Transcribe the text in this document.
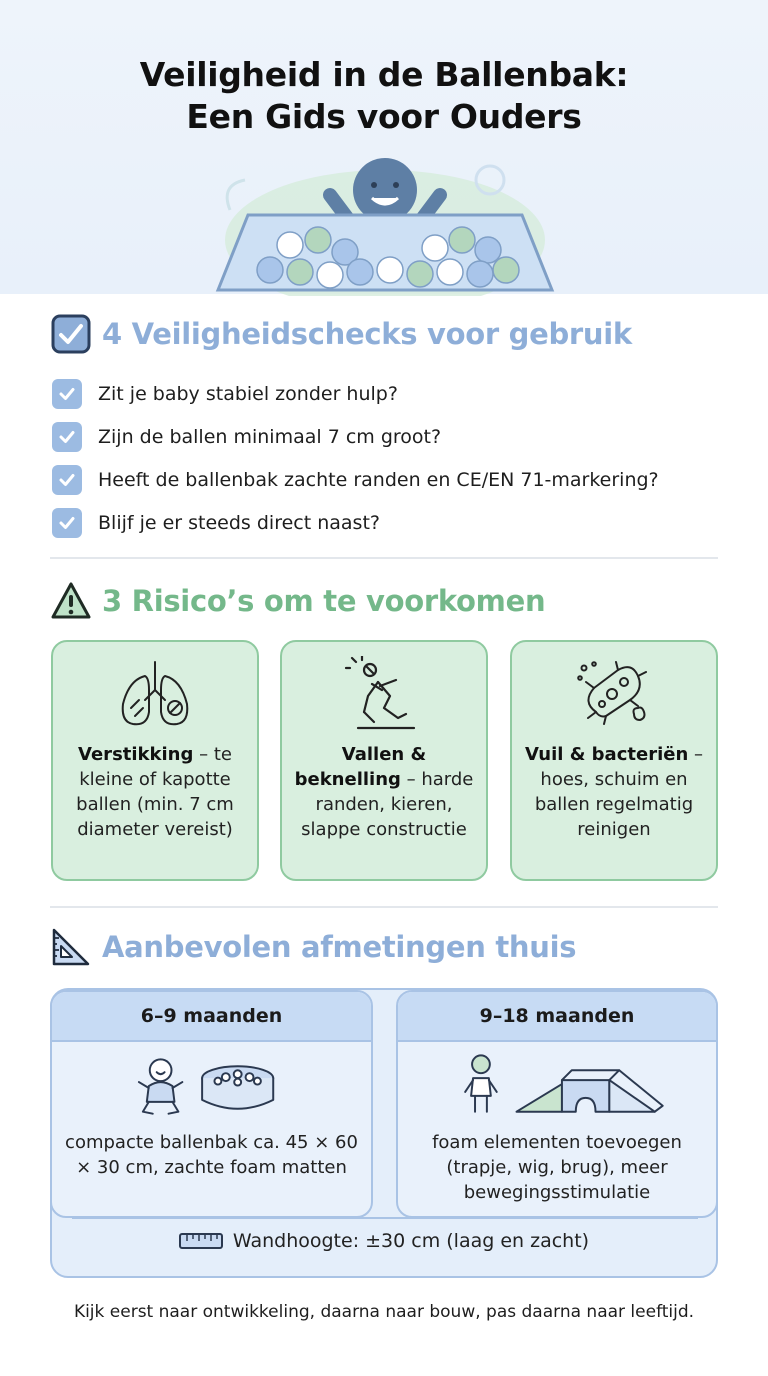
Veiligheid in de Ballenbak:
Een Gids voor Ouders
4 Veiligheidschecks voor gebruik
Zit je baby stabiel zonder hulp?
Zijn de ballen minimaal 7 cm groot?
Heeft de ballenbak zachte randen en CE/EN 71-markering?
Blijf je er steeds direct naast?
3 Risico’s om te voorkomen
Verstikking – te kleine of kapotte ballen (min. 7 cm diameter vereist)
Vallen & beknelling – harde randen, kieren, slappe constructie
Vuil & bacteriën – hoes, schuim en ballen regelmatig reinigen
Aanbevolen afmetingen thuis
6–9 maanden
compacte ballenbak ca. 45 × 60 × 30 cm, zachte foam matten
9–18 maanden
foam elementen toevoegen (trapje, wig, brug), meer bewegingsstimulatie
Wandhoogte: ±30 cm (laag en zacht)
Kijk eerst naar ontwikkeling, daarna naar bouw, pas daarna naar leeftijd.
